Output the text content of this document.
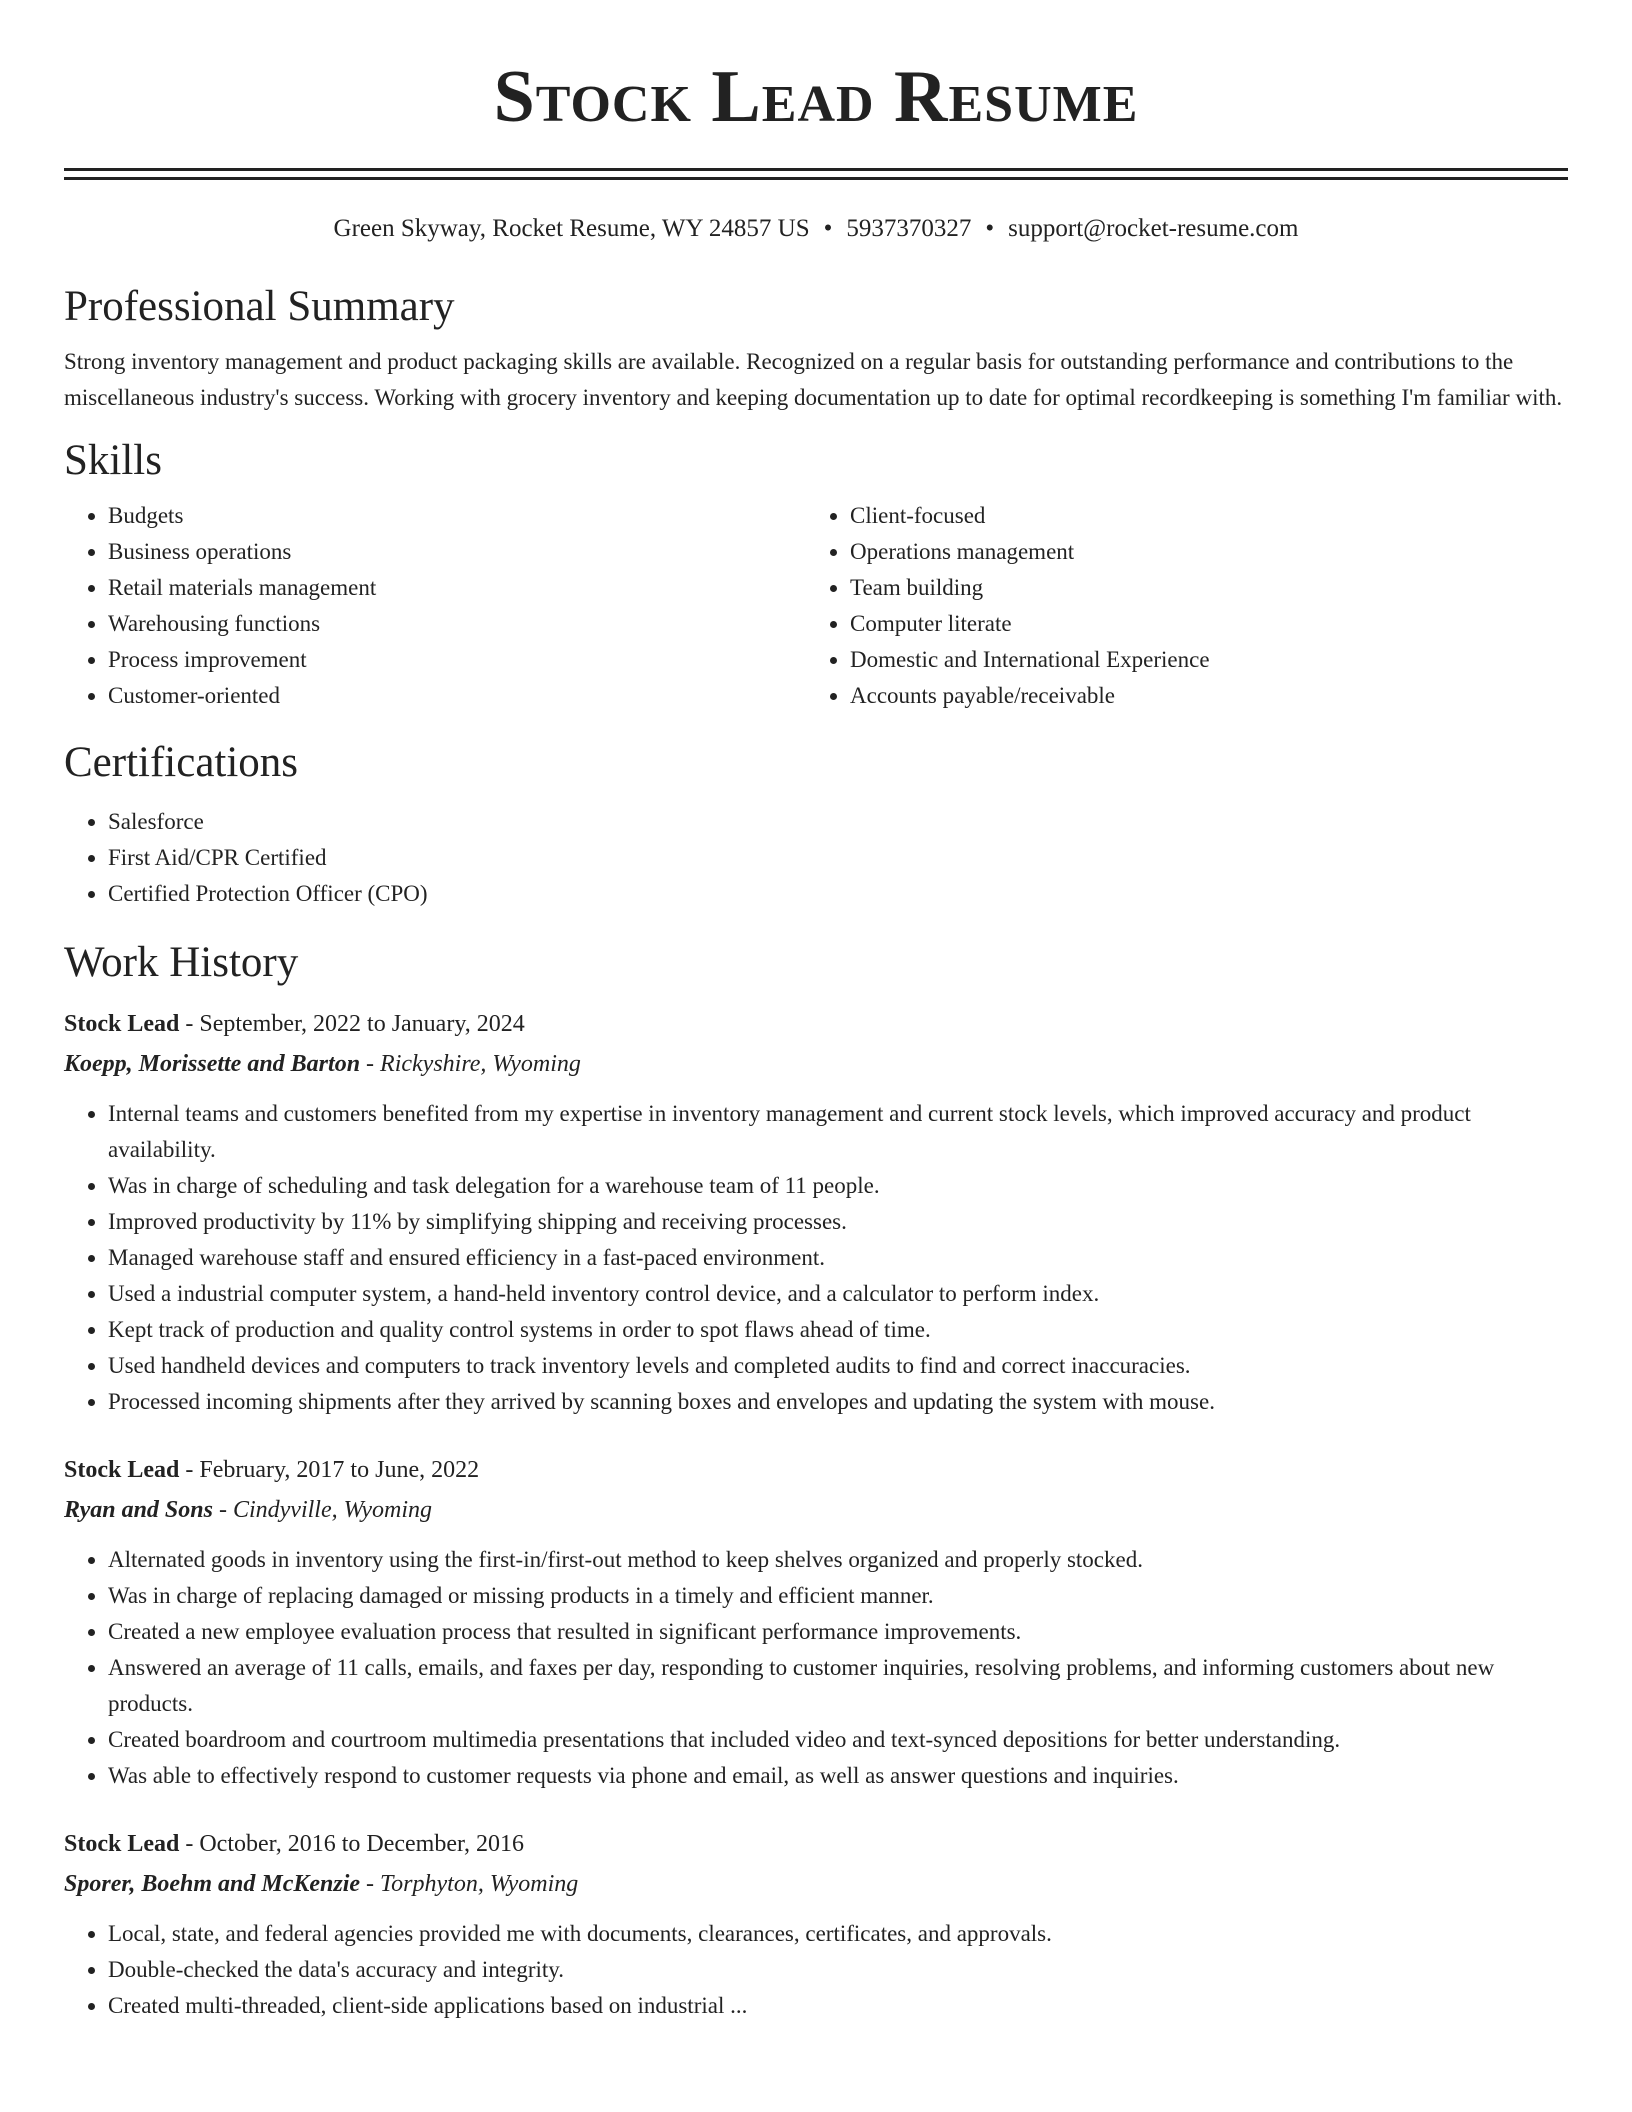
Stock Lead Resume
Green Skyway, Rocket Resume, WY 24857 US • 5937370327 • support@rocket-resume.com
Professional Summary

Strong inventory management and product packaging skills are available. Recognized on a regular basis for outstanding performance and contributions to the miscellaneous industry's success. Working with grocery inventory and keeping documentation up to date for optimal recordkeeping is something I'm familiar with.

Skills
• Budgets
• Business operations
• Retail materials management
• Warehousing functions
• Process improvement
• Customer-oriented
• Client-focused
• Operations management
• Team building
• Computer literate
• Domestic and International Experience
• Accounts payable/receivable
Certifications
• Salesforce
• First Aid/CPR Certified
• Certified Protection Officer (CPO)
Work History
Stock Lead - September, 2022 to January, 2024
Koepp, Morissette and Barton - Rickyshire, Wyoming
• Internal teams and customers benefited from my expertise in inventory management and current stock levels, which improved accuracy and product availability.
• Was in charge of scheduling and task delegation for a warehouse team of 11 people.
• Improved productivity by 11% by simplifying shipping and receiving processes.
• Managed warehouse staff and ensured efficiency in a fast-paced environment.
• Used a industrial computer system, a hand-held inventory control device, and a calculator to perform index.
• Kept track of production and quality control systems in order to spot flaws ahead of time.
• Used handheld devices and computers to track inventory levels and completed audits to find and correct inaccuracies.
• Processed incoming shipments after they arrived by scanning boxes and envelopes and updating the system with mouse.
Stock Lead - February, 2017 to June, 2022
Ryan and Sons - Cindyville, Wyoming
• Alternated goods in inventory using the first-in/first-out method to keep shelves organized and properly stocked.
• Was in charge of replacing damaged or missing products in a timely and efficient manner.
• Created a new employee evaluation process that resulted in significant performance improvements.
• Answered an average of 11 calls, emails, and faxes per day, responding to customer inquiries, resolving problems, and informing customers about new products.
• Created boardroom and courtroom multimedia presentations that included video and text-synced depositions for better understanding.
• Was able to effectively respond to customer requests via phone and email, as well as answer questions and inquiries.
Stock Lead - October, 2016 to December, 2016
Sporer, Boehm and McKenzie - Torphyton, Wyoming
• Local, state, and federal agencies provided me with documents, clearances, certificates, and approvals.
• Double-checked the data's accuracy and integrity.
• Created multi-threaded, client-side applications based on industrial ...
